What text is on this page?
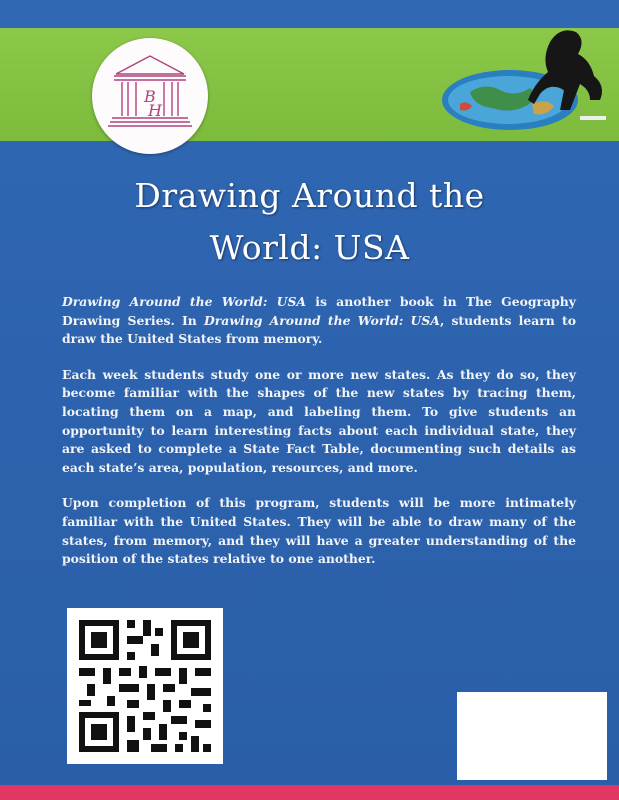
B
H
Drawing Around the
World: USA

Drawing Around the World: USA is another book in The Geography Drawing Series. In Drawing Around the World: USA, students learn to draw the United States from memory.

Each week students study one or more new states. As they do so, they become familiar with the shapes of the new states by tracing them, locating them on a map, and labeling them. To give students an opportunity to learn interesting facts about each individual state, they are asked to complete a State Fact Table, documenting such details as each state’s area, population, resources, and more.

Upon completion of this program, students will be more intimately familiar with the United States. They will be able to draw many of the states, from memory, and they will have a greater understanding of the position of the states relative to one another.
